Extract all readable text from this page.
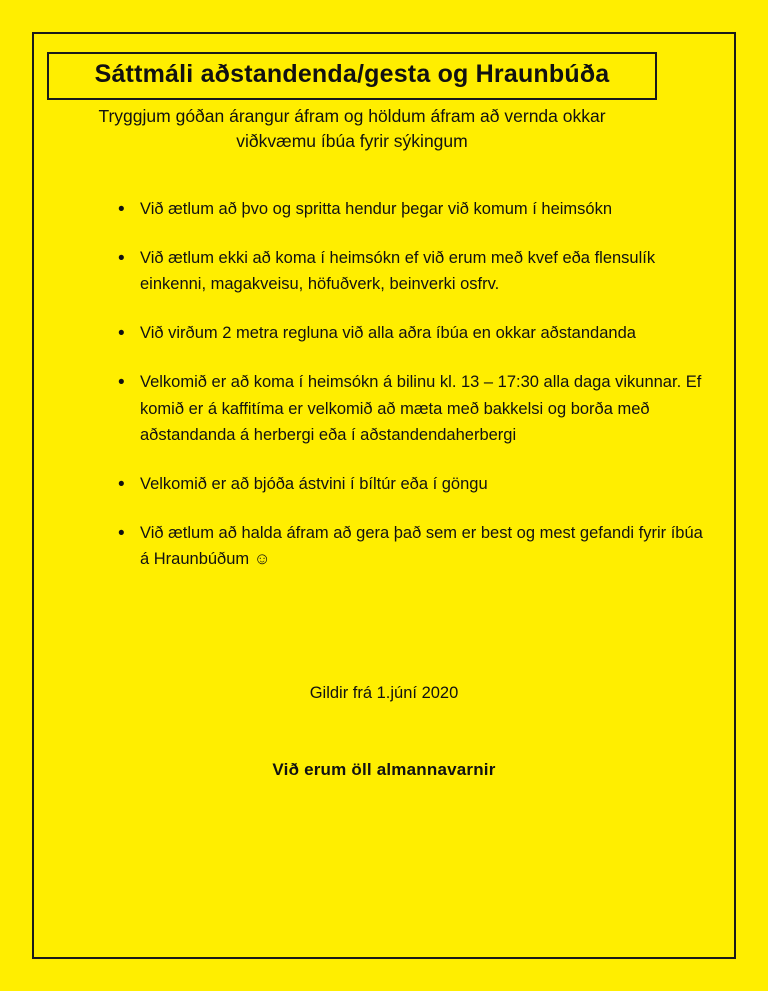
Sáttmáli aðstandenda/gesta og Hraunbúða
Tryggjum góðan árangur áfram og höldum áfram að vernda okkar viðkvæmu íbúa fyrir sýkingum
• Við ætlum að þvo og spritta hendur þegar við komum í heimsókn
• Við ætlum ekki að koma í heimsókn ef við erum með kvef eða flensulík einkenni, magakveisu, höfuðverk, beinverki osfrv.
• Við virðum 2 metra regluna við alla aðra íbúa en okkar aðstandanda
• Velkomið er að koma í heimsókn á bilinu kl. 13 – 17:30 alla daga vikunnar. Ef komið er á kaffitíma er velkomið að mæta með bakkelsi og borða með aðstandanda á herbergi eða í aðstandendaherbergi
• Velkomið er að bjóða ástvini í bíltúr eða í göngu
• Við ætlum að halda áfram að gera það sem er best og mest gefandi fyrir íbúa á Hraunbúðum ☺
Gildir frá 1.júní 2020
Við erum öll almannavarnir
